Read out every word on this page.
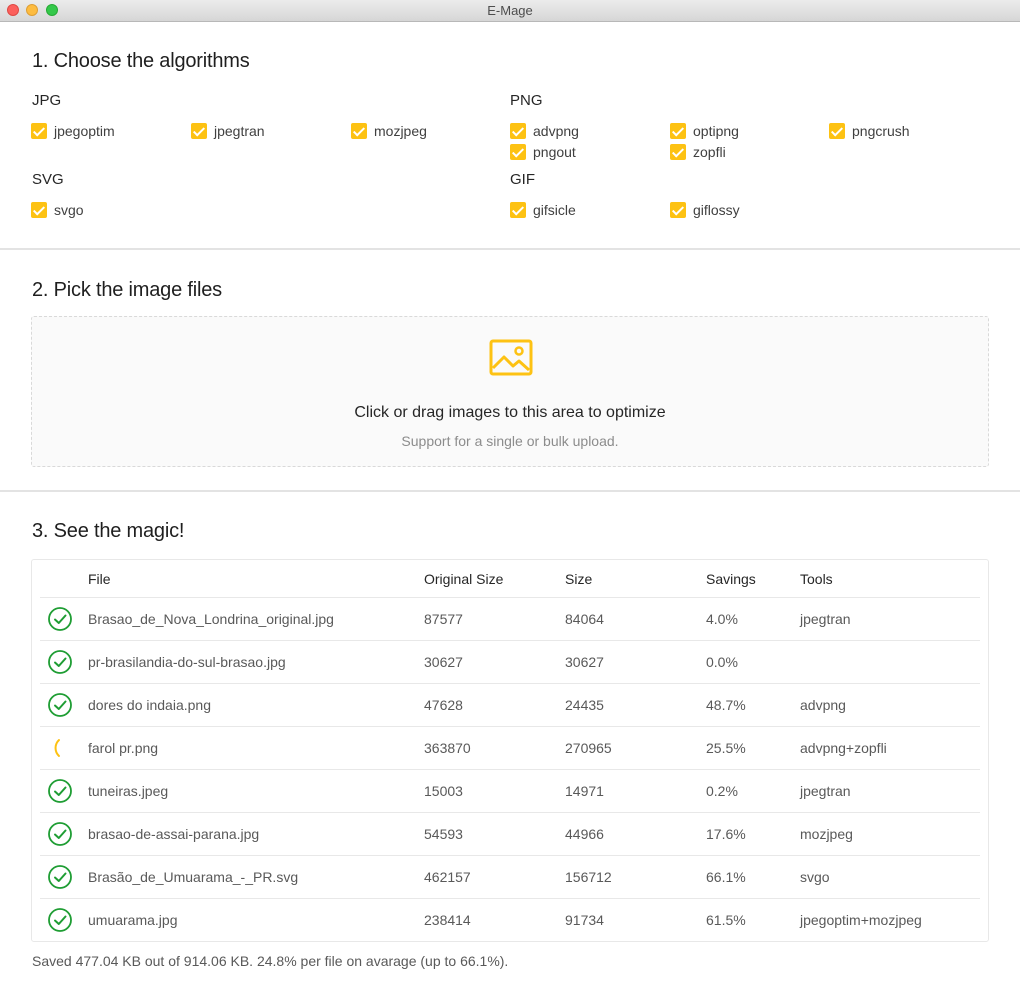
E-Mage
1. Choose the algorithms
JPG	PNG
SVG	GIF
jpegoptim	jpegtran	mozjpeg	advpng	optipng	pngcrush
pngout	zopfli
svgo	gifsicle	giflossy
2. Pick the image files
Click or drag images to this area to optimize
Support for a single or bulk upload.
3. See the magic!
File	Original Size	Size	Savings	Tools
Brasao_de_Nova_Londrina_original.jpg	87577	84064	4.0%	jpegtran
pr-brasilandia-do-sul-brasao.jpg	30627	30627	0.0%
dores do indaia.png	47628	24435	48.7%	advpng
farol pr.png	363870	270965	25.5%	advpng+zopfli
tuneiras.jpeg	15003	14971	0.2%	jpegtran
brasao-de-assai-parana.jpg	54593	44966	17.6%	mozjpeg
Brasão_de_Umuarama_-_PR.svg	462157	156712	66.1%	svgo
umuarama.jpg	238414	91734	61.5%	jpegoptim+mozjpeg
Saved 477.04 KB out of 914.06 KB. 24.8% per file on avarage (up to 66.1%).
